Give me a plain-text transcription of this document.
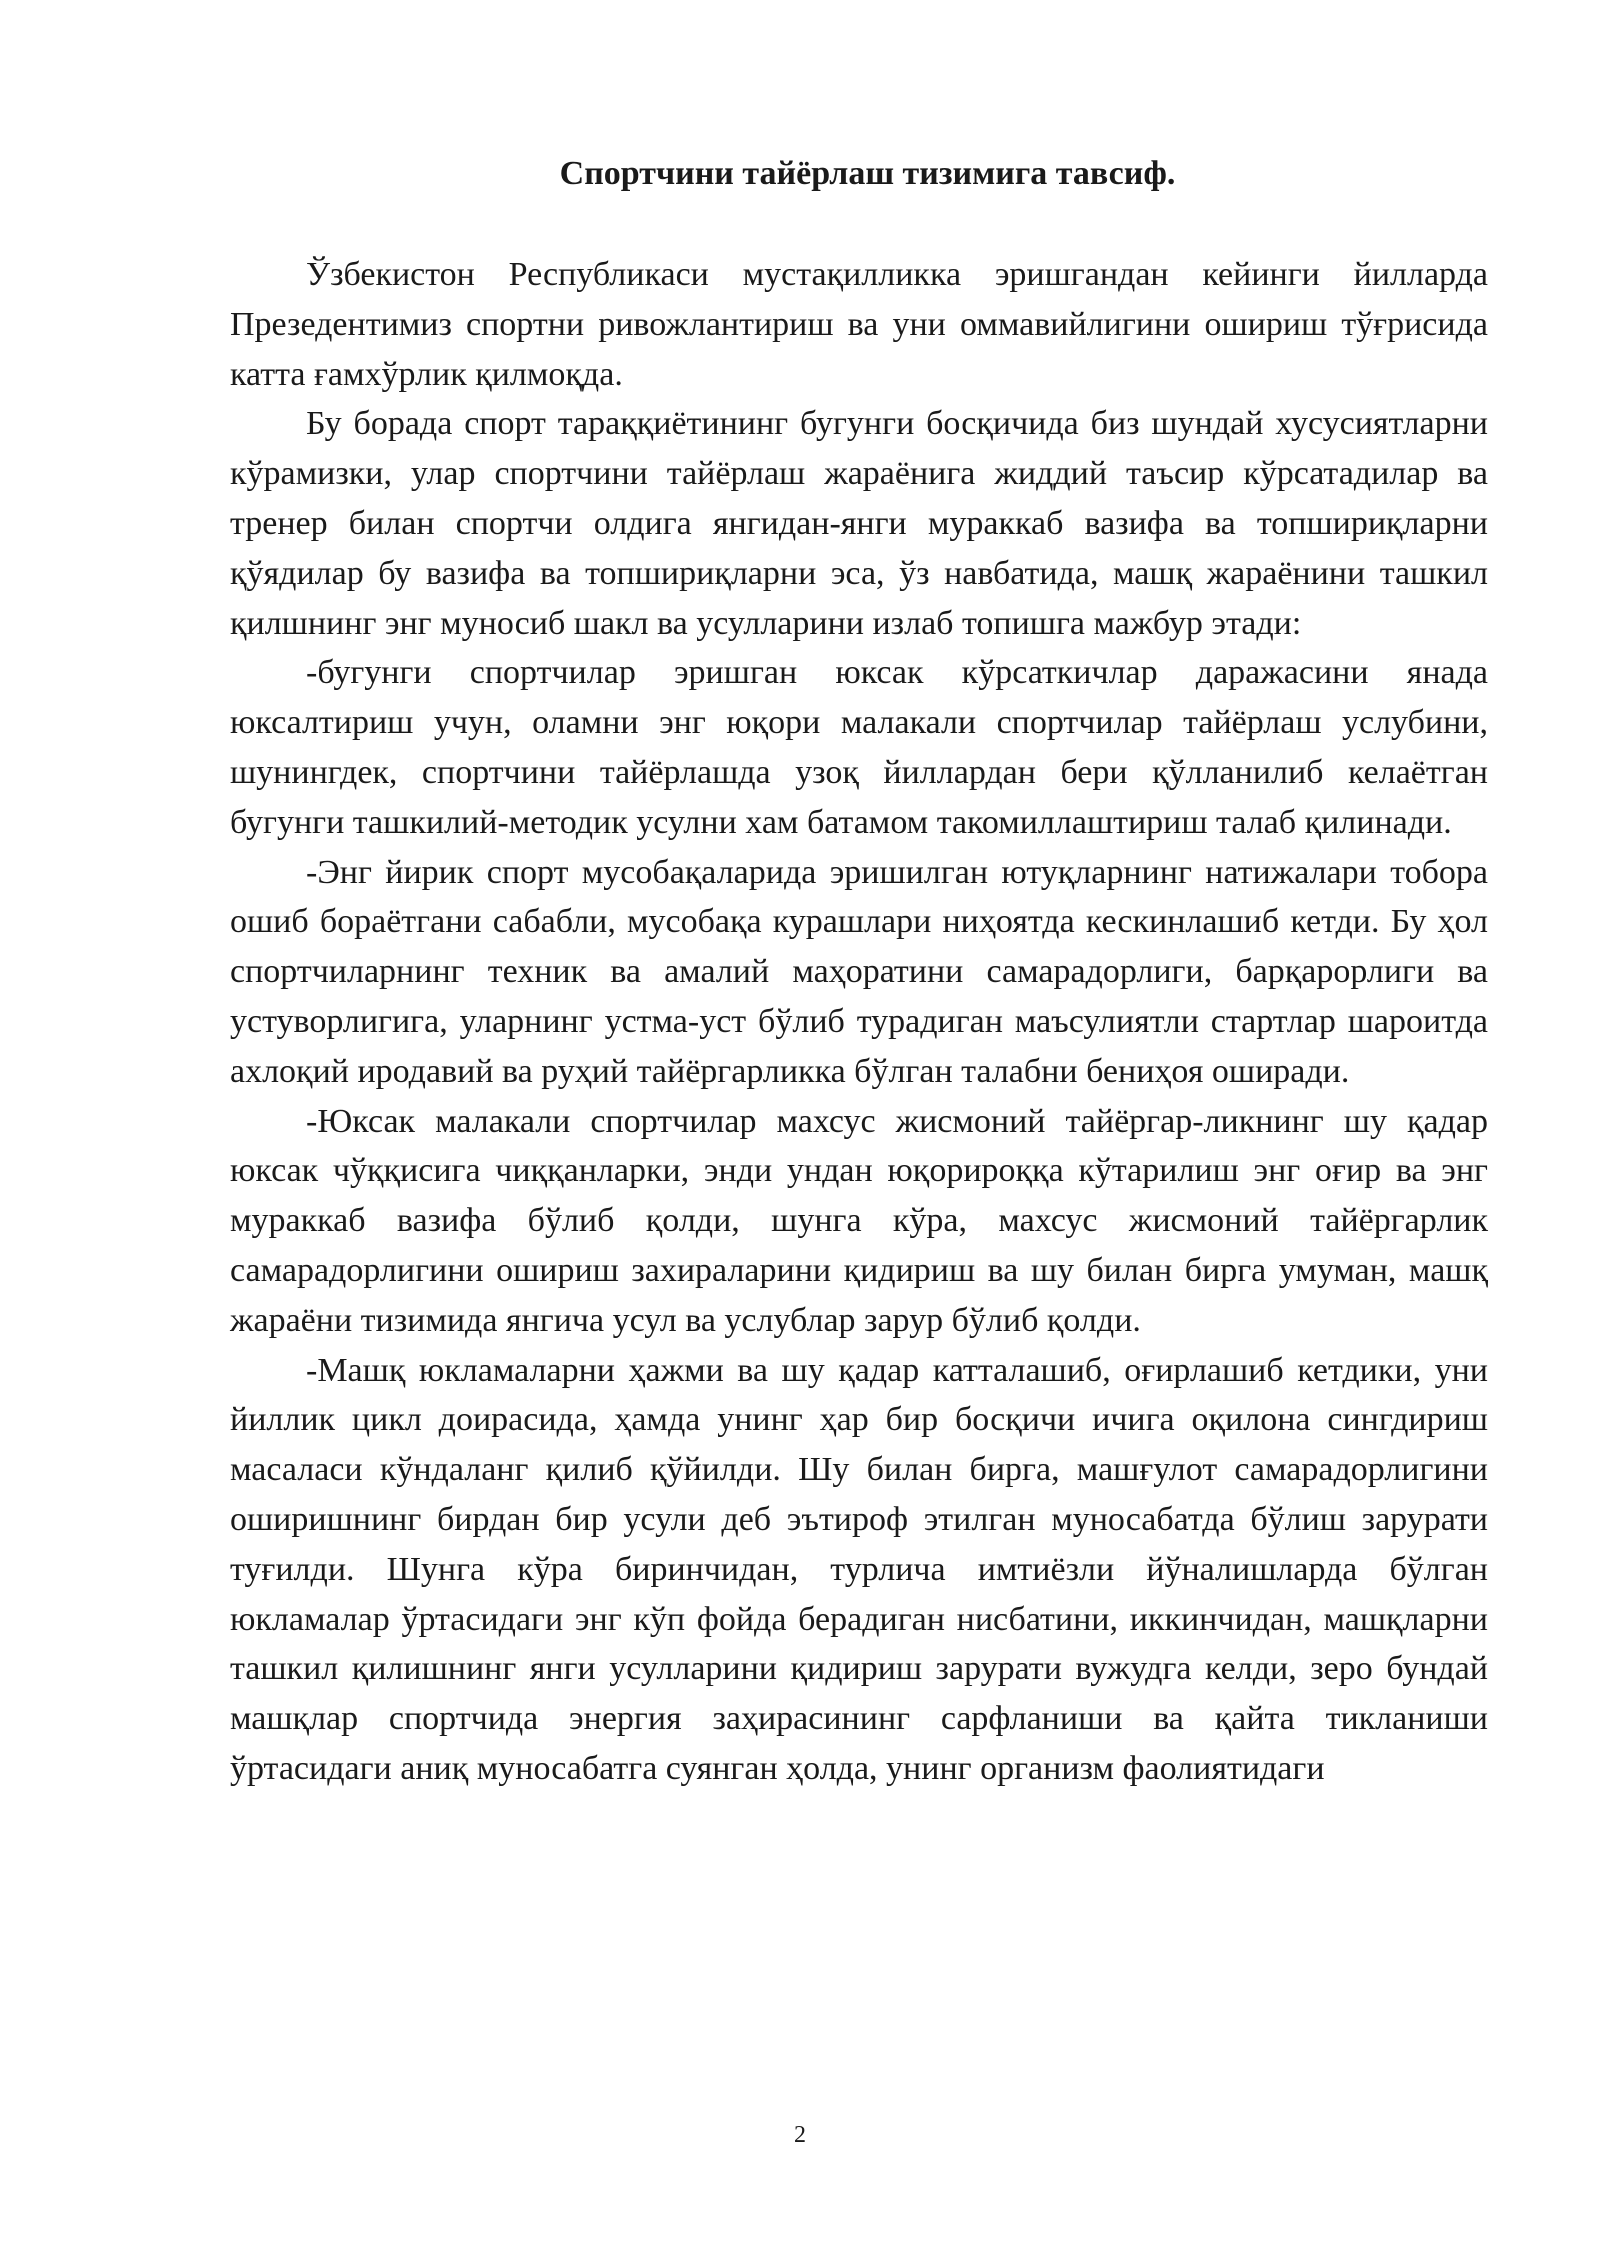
Спортчини тайёрлаш тизимига тавсиф.

Ўзбекистон Республикаси мустақилликка эришгандан кейинги йилларда Презедентимиз спортни ривожлантириш ва уни оммавийлигини ошириш тўғрисида катта ғамхўрлик қилмоқда.

Бу борада спорт тараққиётининг бугунги босқичида биз шундай хусусиятларни кўрамизки, улар спортчини тайёрлаш жараёнига жиддий таъсир кўрсатадилар ва тренер билан спортчи олдига янгидан-янги мураккаб вазифа ва топшириқларни қўядилар бу вазифа ва топшириқларни эса, ўз навбатида, машқ жараёнини ташкил қилшнинг энг муносиб шакл ва усулларини излаб топишга мажбур этади:

-бугунги спортчилар эришган юксак кўрсаткичлар даражасини янада юксалтириш учун, оламни энг юқори малакали спортчилар тайёрлаш услубини, шунингдек, спортчини тайёрлашда узоқ йиллардан бери қўлланилиб келаётган бугунги ташкилий-методик усулни хам батамом такомиллаштириш талаб қилинади.

-Энг йирик спорт мусобақаларида эришилган ютуқларнинг натижалари тобора ошиб бораётгани сабабли, мусобақа курашлари ниҳоятда кескинлашиб кетди. Бу ҳол спортчиларнинг техник ва амалий маҳоратини самарадорлиги, барқарорлиги ва устуворлигига, уларнинг устма-уст бўлиб турадиган маъсулиятли стартлар шароитда ахлоқий иродавий ва руҳий тайёргарликка бўлган талабни бениҳоя оширади.

-Юксак малакали спортчилар махсус жисмоний тайёргар-ликнинг шу қадар юксак чўққисига чиққанларки, энди ундан юқорироққа кўтарилиш энг оғир ва энг мураккаб вазифа бўлиб қолди, шунга кўра, махсус жисмоний тайёргарлик самарадорлигини ошириш захираларини қидириш ва шу билан бирга умуман, машқ жараёни тизимида янгича усул ва услублар зарур бўлиб қолди.

-Машқ юкламаларни ҳажми ва шу қадар катталашиб, оғирлашиб кетдики, уни йиллик цикл доирасида, ҳамда унинг ҳар бир босқичи ичига оқилона сингдириш масаласи кўндаланг қилиб қўйилди. Шу билан бирга, машғулот самарадорлигини оширишнинг бирдан бир усули деб эътироф этилган муносабатда бўлиш зарурати туғилди. Шунга кўра биринчидан, турлича имтиёзли йўналишларда бўлган юкламалар ўртасидаги энг кўп фойда берадиган нисбатини, иккинчидан, машқларни ташкил қилишнинг янги усулларини қидириш зарурати вужудга келди, зеро бундай машқлар спортчида энергия заҳирасининг сарфланиши ва қайта тикланиши ўртасидаги аниқ муносабатга суянган ҳолда, унинг организм фаолиятидаги

2
